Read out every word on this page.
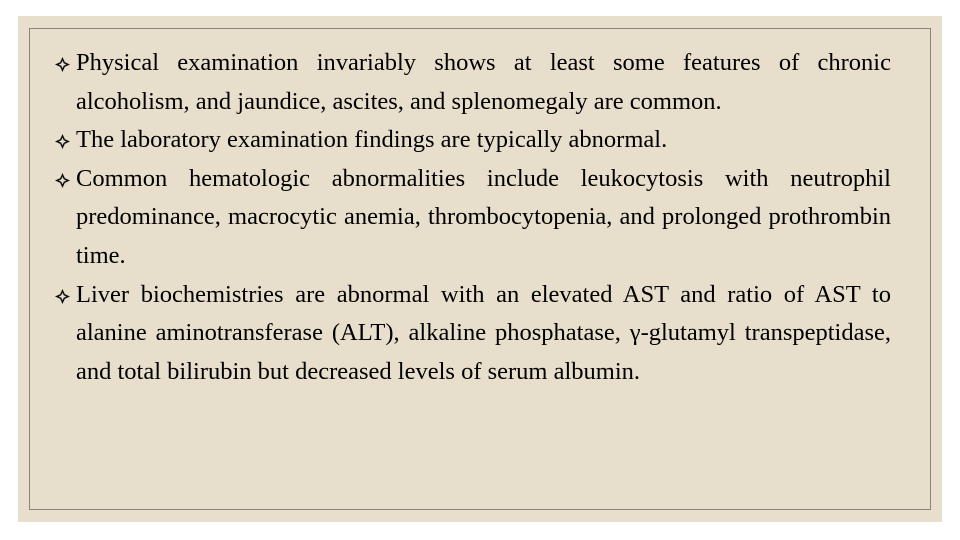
Physical examination invariably shows at least some features of chronic alcoholism, and jaundice, ascites, and splenomegaly are common.
The laboratory examination findings are typically abnormal.
Common hematologic abnormalities include leukocytosis with neutrophil predominance, macrocytic anemia, thrombocytopenia, and prolonged prothrombin time.
Liver biochemistries are abnormal with an elevated AST and ratio of AST to alanine aminotransferase (ALT), alkaline phosphatase, γ-glutamyl transpeptidase, and total bilirubin but decreased levels of serum albumin.
